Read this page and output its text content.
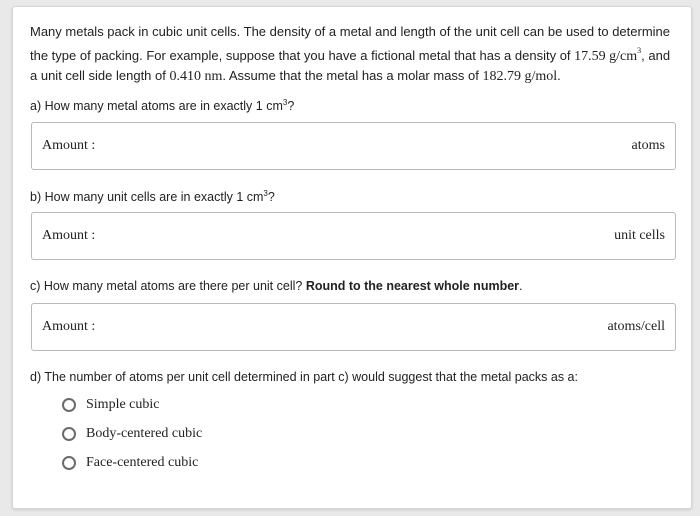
Many metals pack in cubic unit cells. The density of a metal and length of the unit cell can be used to determine the type of packing. For example, suppose that you have a fictional metal that has a density of 17.59 $g/cm^3$, and a unit cell side length of 0.410 nm. Assume that the metal has a molar mass of 182.79 g/mol.

a) How many metal atoms are in exactly 1 $cm^3$?
Amount :	atoms
b) How many unit cells are in exactly 1 $cm^3$?
Amount :	unit cells
c) How many metal atoms are there per unit cell? Round to the nearest whole number.
Amount :	atoms/cell
d) The number of atoms per unit cell determined in part c) would suggest that the metal packs as a:
Simple cubic
Body-centered cubic
Face-centered cubic
